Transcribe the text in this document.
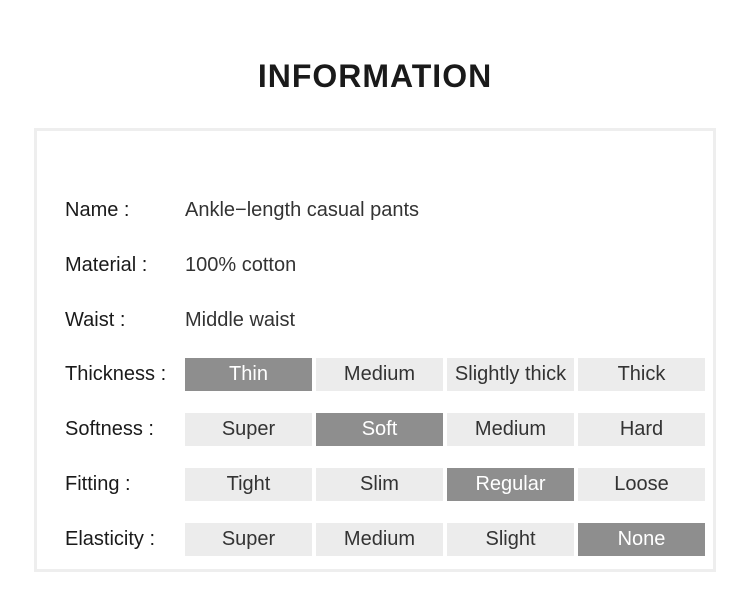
INFORMATION
Name :	Ankle−length casual pants
Material :	100% cotton
Waist :	Middle waist
Thickness :	Thin	Medium	Slightly thick	Thick
Softness :	Super	Soft	Medium	Hard
Fitting :	Tight	Slim	Regular	Loose
Elasticity :	Super	Medium	Slight	None
